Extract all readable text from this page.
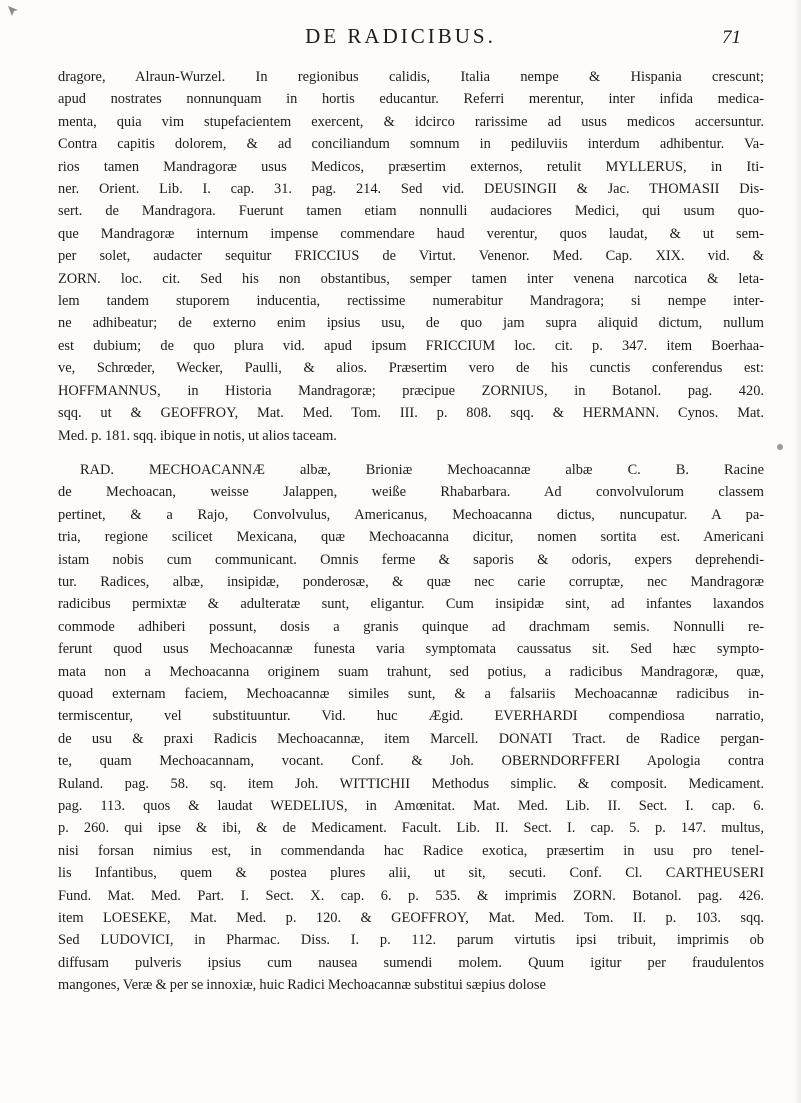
DE RADICIBUS.	71

dragore, Alraun-Wurzel. In regionibus calidis, Italia nempe & Hispania crescunt;
apud nostrates nonnunquam in hortis educantur. Referri merentur, inter infida medica-
menta, quia vim stupefacientem exercent, & idcirco rarissime ad usus medicos accersuntur.
Contra capitis dolorem, & ad conciliandum somnum in pediluviis interdum adhibentur. Va-
rios tamen Mandragoræ usus Medicos, præsertim externos, retulit MYLLERUS, in Iti-
ner. Orient. Lib. I. cap. 31. pag. 214. Sed vid. DEUSINGII & Jac. THOMASII Dis-
sert. de Mandragora. Fuerunt tamen etiam nonnulli audaciores Medici, qui usum quo-
que Mandragoræ internum impense commendare haud verentur, quos laudat, & ut sem-
per solet, audacter sequitur FRICCIUS de Virtut. Venenor. Med. Cap. XIX. vid. &
ZORN. loc. cit. Sed his non obstantibus, semper tamen inter venena narcotica & leta-
lem tandem stuporem inducentia, rectissime numerabitur Mandragora; si nempe inter-
ne adhibeatur; de externo enim ipsius usu, de quo jam supra aliquid dictum, nullum
est dubium; de quo plura vid. apud ipsum FRICCIUM loc. cit. p. 347. item Boerhaa-
ve, Schrœder, Wecker, Paulli, & alios. Præsertim vero de his cunctis conferendus est:
HOFFMANNUS, in Historia Mandragoræ; præcipue ZORNIUS, in Botanol. pag. 420.
sqq. ut & GEOFFROY, Mat. Med. Tom. III. p. 808. sqq. & HERMANN. Cynos. Mat.
Med. p. 181. sqq. ibique in notis, ut alios taceam.

RAD. MECHOACANNÆ albæ, Brioniæ Mechoacannæ albæ C. B. Racine
de Mechoacan, weisse Jalappen, weiße Rhabarbara. Ad convolvulorum classem
pertinet, & a Rajo, Convolvulus, Americanus, Mechoacanna dictus, nuncupatur. A pa-
tria, regione scilicet Mexicana, quæ Mechoacanna dicitur, nomen sortita est. Americani
istam nobis cum communicant. Omnis ferme & saporis & odoris, expers deprehendi-
tur. Radices, albæ, insipidæ, ponderosæ, & quæ nec carie corruptæ, nec Mandragoræ
radicibus permixtæ & adulteratæ sunt, eligantur. Cum insipidæ sint, ad infantes laxandos
commode adhiberi possunt, dosis a granis quinque ad drachmam semis. Nonnulli re-
ferunt quod usus Mechoacannæ funesta varia symptomata caussatus sit. Sed hæc sympto-
mata non a Mechoacanna originem suam trahunt, sed potius, a radicibus Mandragoræ, quæ,
quoad externam faciem, Mechoacannæ similes sunt, & a falsariis Mechoacannæ radicibus in-
termiscentur, vel substituuntur. Vid. huc Ægid. EVERHARDI compendiosa narratio,
de usu & praxi Radicis Mechoacannæ, item Marcell. DONATI Tract. de Radice pergan-
te, quam Mechoacannam, vocant. Conf. & Joh. OBERNDORFFERI Apologia contra
Ruland. pag. 58. sq. item Joh. WITTICHII Methodus simplic. & composit. Medicament.
pag. 113. quos & laudat WEDELIUS, in Amœnitat. Mat. Med. Lib. II. Sect. I. cap. 6.
p. 260. qui ipse & ibi, & de Medicament. Facult. Lib. II. Sect. I. cap. 5. p. 147. multus,
nisi forsan nimius est, in commendanda hac Radice exotica, præsertim in usu pro tenel-
lis Infantibus, quem & postea plures alii, ut sit, secuti. Conf. Cl. CARTHEUSERI
Fund. Mat. Med. Part. I. Sect. X. cap. 6. p. 535. & imprimis ZORN. Botanol. pag. 426.
item LOESEKE, Mat. Med. p. 120. & GEOFFROY, Mat. Med. Tom. II. p. 103. sqq.
Sed LUDOVICI, in Pharmac. Diss. I. p. 112. parum virtutis ipsi tribuit, imprimis ob
diffusam pulveris ipsius cum nausea sumendi molem. Quum igitur per fraudulentos
mangones, Veræ & per se innoxiæ, huic Radici Mechoacannæ substitui sæpius dolose
